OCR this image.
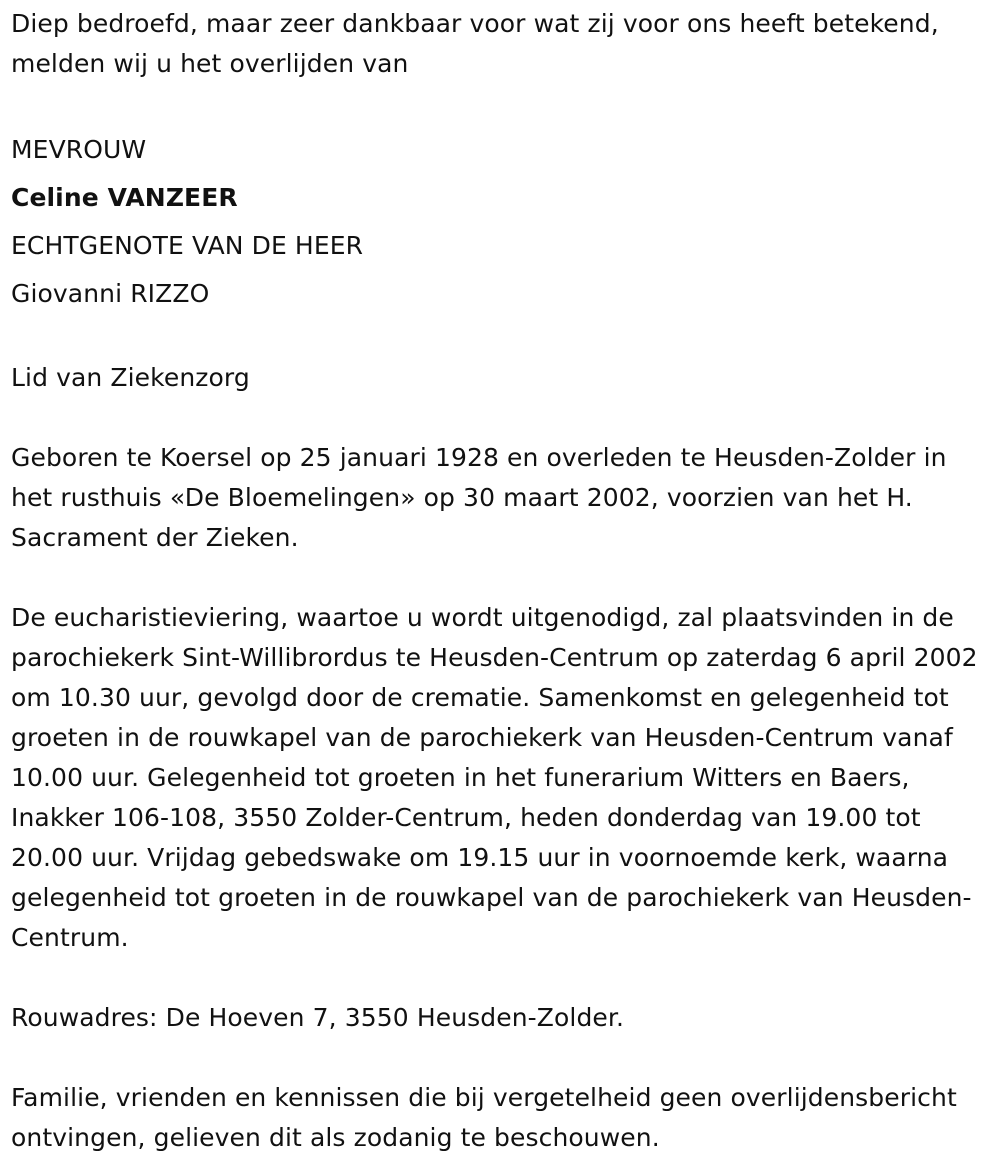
Diep bedroefd, maar zeer dankbaar voor wat zij voor ons heeft betekend, melden wij u het overlijden van

MEVROUW

Celine VANZEER

ECHTGENOTE VAN DE HEER

Giovanni RIZZO

Lid van Ziekenzorg

Geboren te Koersel op 25 januari 1928 en overleden te Heusden-Zolder in het rusthuis «De Bloemelingen» op 30 maart 2002, voorzien van het H. Sacrament der Zieken.

De eucharistieviering, waartoe u wordt uitgenodigd, zal plaatsvinden in de parochiekerk Sint-Willibrordus te Heusden-Centrum op zaterdag 6 april 2002 om 10.30 uur, gevolgd door de crematie. Samenkomst en gelegenheid tot groeten in de rouwkapel van de parochiekerk van Heusden-Centrum vanaf 10.00 uur. Gelegenheid tot groeten in het funerarium Witters en Baers, Inakker 106-108, 3550 Zolder-Centrum, heden donderdag van 19.00 tot 20.00 uur. Vrijdag gebedswake om 19.15 uur in voornoemde kerk, waarna gelegenheid tot groeten in de rouwkapel van de parochiekerk van Heusden-Centrum.

Rouwadres: De Hoeven 7, 3550 Heusden-Zolder.

Familie, vrienden en kennissen die bij vergetelheid geen overlijdensbericht ontvingen, gelieven dit als zodanig te beschouwen.
